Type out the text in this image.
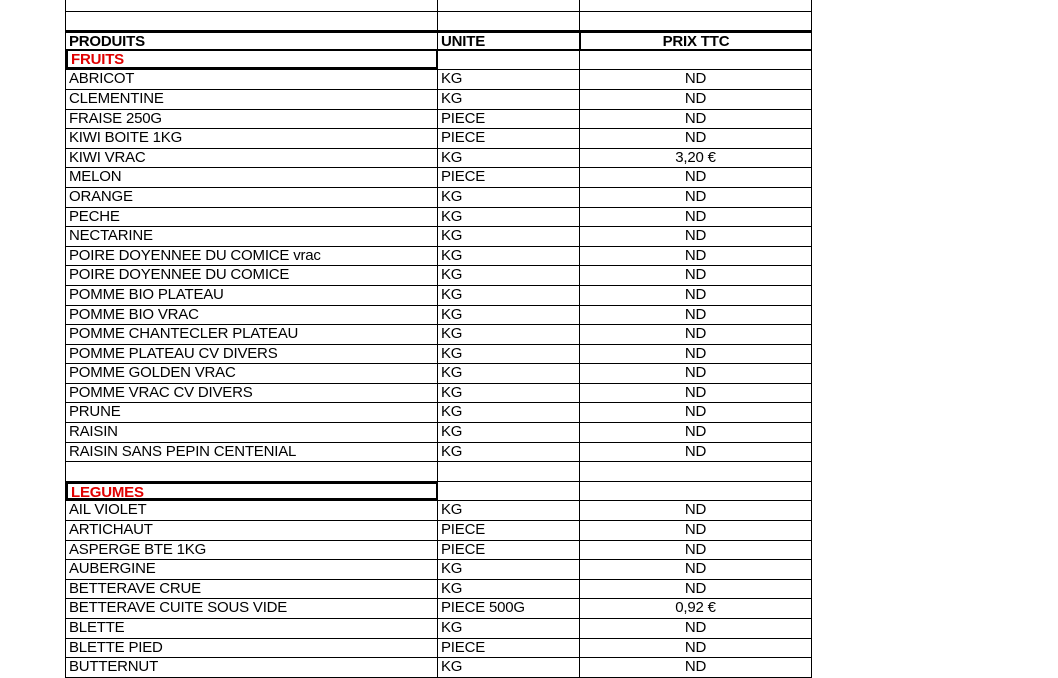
PRODUITS	UNITE	PRIX TTC
FRUITS
ABRICOT	KG	ND
CLEMENTINE	KG	ND
FRAISE 250G	PIECE	ND
KIWI BOITE 1KG	PIECE	ND
KIWI VRAC	KG	3,20 €
MELON	PIECE	ND
ORANGE	KG	ND
PECHE	KG	ND
NECTARINE	KG	ND
POIRE DOYENNEE DU COMICE vrac	KG	ND
POIRE DOYENNEE DU COMICE	KG	ND
POMME BIO PLATEAU	KG	ND
POMME BIO VRAC	KG	ND
POMME CHANTECLER PLATEAU	KG	ND
POMME PLATEAU CV DIVERS	KG	ND
POMME GOLDEN VRAC	KG	ND
POMME VRAC CV DIVERS	KG	ND
PRUNE	KG	ND
RAISIN	KG	ND
RAISIN SANS PEPIN CENTENIAL	KG	ND
LEGUMES
AIL VIOLET	KG	ND
ARTICHAUT	PIECE	ND
ASPERGE BTE 1KG	PIECE	ND
AUBERGINE	KG	ND
BETTERAVE CRUE	KG	ND
BETTERAVE CUITE SOUS VIDE	PIECE 500G	0,92 €
BLETTE	KG	ND
BLETTE PIED	PIECE	ND
BUTTERNUT	KG	ND
